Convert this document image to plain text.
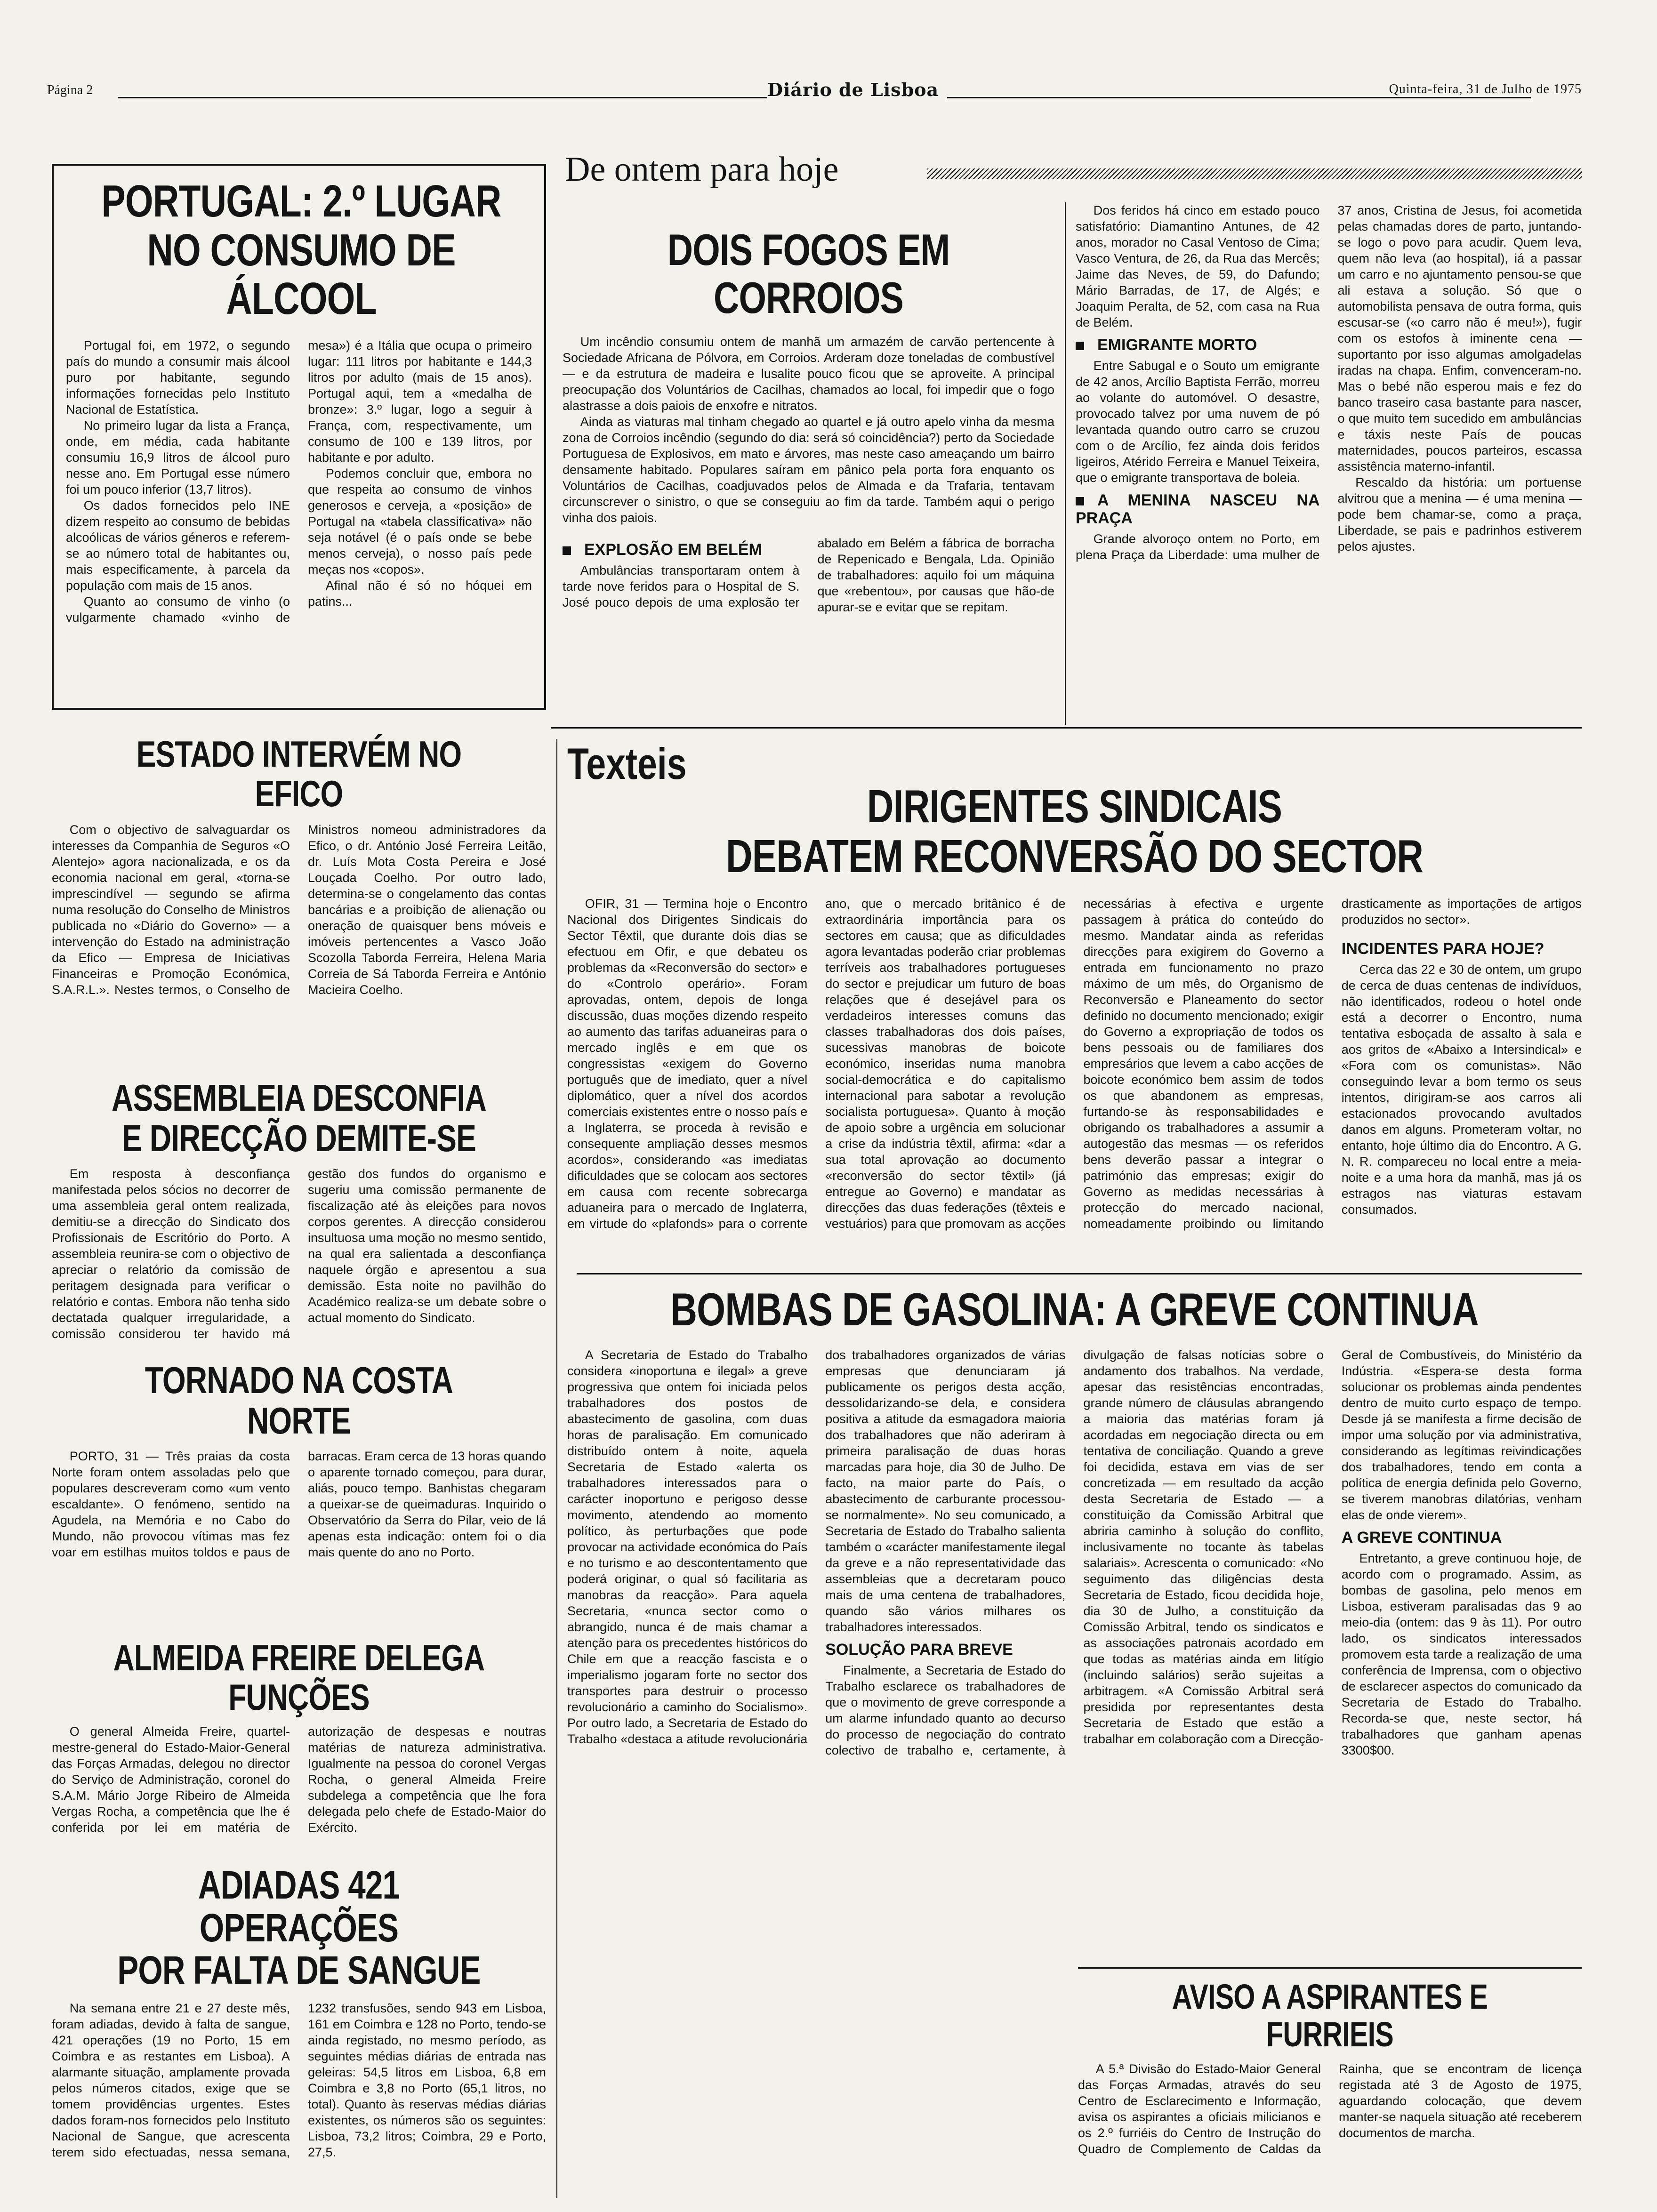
Página 2	Diário de Lisboa	Quinta-feira, 31 de Julho de 1975
De ontem para hoje
PORTUGAL: 2.º LUGAR
NO CONSUMO DE ÁLCOOL

Portugal foi, em 1972, o segundo país do mundo a consumir mais álcool puro por habitante, segundo informações fornecidas pelo Instituto Nacional de Estatística.

No primeiro lugar da lista a França, onde, em média, cada habitante consumiu 16,9 litros de álcool puro nesse ano. Em Portugal esse número foi um pouco inferior (13,7 litros).

Os dados fornecidos pelo INE dizem respeito ao consumo de bebidas alcoólicas de vários géneros e referem-se ao número total de habitantes ou, mais especificamente, à parcela da população com mais de 15 anos.

Quanto ao consumo de vinho (o vulgarmente chamado «vinho de mesa») é a Itália que ocupa o primeiro lugar: 111 litros por habitante e 144,3 litros por adulto (mais de 15 anos). Portugal aqui, tem a «medalha de bronze»: 3.º lugar, logo a seguir à França, com, respectivamente, um consumo de 100 e 139 litros, por habitante e por adulto.

Podemos concluir que, embora no que respeita ao consumo de vinhos generosos e cerveja, a «posição» de Portugal na «tabela classificativa» não seja notável (é o país onde se bebe menos cerveja), o nosso país pede meças nos «copos».

Afinal não é só no hóquei em patins...

DOIS FOGOS EM CORROIOS

Um incêndio consumiu ontem de manhã um armazém de carvão pertencente à Sociedade Africana de Pólvora, em Corroios. Arderam doze toneladas de combustível — e da estrutura de madeira e lusalite pouco ficou que se aproveite. A principal preocupação dos Voluntários de Cacilhas, chamados ao local, foi impedir que o fogo alastrasse a dois paiois de enxofre e nitratos.

Ainda as viaturas mal tinham chegado ao quartel e já outro apelo vinha da mesma zona de Corroios incêndio (segundo do dia: será só coincidência?) perto da Sociedade Portuguesa de Explosivos, em mato e árvores, mas neste caso ameaçando um bairro densamente habitado. Populares saíram em pânico pela porta fora enquanto os Voluntários de Cacilhas, coadjuvados pelos de Almada e da Trafaria, tentavam circunscrever o sinistro, o que se conseguiu ao fim da tarde. Também aqui o perigo vinha dos paiois.

EXPLOSÃO EM BELÉM

Ambulâncias transportaram ontem à tarde nove feridos para o Hospital de S. José pouco depois de uma explosão ter abalado em Belém a fábrica de borracha de Repenicado e Bengala, Lda. Opinião de trabalhadores: aquilo foi um máquina que «rebentou», por causas que hão-de apurar-se e evitar que se repitam.

Dos feridos há cinco em estado pouco satisfatório: Diamantino Antunes, de 42 anos, morador no Casal Ventoso de Cima; Vasco Ventura, de 26, da Rua das Mercês; Jaime das Neves, de 59, do Dafundo; Mário Barradas, de 17, de Algés; e Joaquim Peralta, de 52, com casa na Rua de Belém.

EMIGRANTE MORTO

Entre Sabugal e o Souto um emigrante de 42 anos, Arcílio Baptista Ferrão, morreu ao volante do automóvel. O desastre, provocado talvez por uma nuvem de pó levantada quando outro carro se cruzou com o de Arcílio, fez ainda dois feridos ligeiros, Atérido Ferreira e Manuel Teixeira, que o emigrante transportava de boleia.

A MENINA NASCEU NA PRAÇA

Grande alvoroço ontem no Porto, em plena Praça da Liberdade: uma mulher de 37 anos, Cristina de Jesus, foi acometida pelas chamadas dores de parto, juntando-se logo o povo para acudir. Quem leva, quem não leva (ao hospital), iá a passar um carro e no ajuntamento pensou-se que ali estava a solução. Só que o automobilista pensava de outra forma, quis escusar-se («o carro não é meu!»), fugir com os estofos à iminente cena — suportanto por isso algumas amolgadelas iradas na chapa. Enfim, convenceram-no. Mas o bebé não esperou mais e fez do banco traseiro casa bastante para nascer, o que muito tem sucedido em ambulâncias e táxis neste País de poucas maternidades, poucos parteiros, escassa assistência materno-infantil.

Rescaldo da história: um portuense alvitrou que a menina — é uma menina — pode bem chamar-se, como a praça, Liberdade, se pais e padrinhos estiverem pelos ajustes.

ESTADO INTERVÉM NO EFICO

Com o objectivo de salvaguardar os interesses da Companhia de Seguros «O Alentejo» agora nacionalizada, e os da economia nacional em geral, «torna-se imprescindível — segundo se afirma numa resolução do Conselho de Ministros publicada no «Diário do Governo» — a intervenção do Estado na administração da Efico — Empresa de Iniciativas Financeiras e Promoção Económica, S.A.R.L.». Nestes termos, o Conselho de Ministros nomeou administradores da Efico, o dr. António José Ferreira Leitão, dr. Luís Mota Costa Pereira e José Louçada Coelho. Por outro lado, determina-se o congelamento das contas bancárias e a proibição de alienação ou oneração de quaisquer bens móveis e imóveis pertencentes a Vasco João Scozolla Taborda Ferreira, Helena Maria Correia de Sá Taborda Ferreira e António Macieira Coelho.

ASSEMBLEIA DESCONFIA
E DIRECÇÃO DEMITE-SE

Em resposta à desconfiança manifestada pelos sócios no decorrer de uma assembleia geral ontem realizada, demitiu-se a direcção do Sindicato dos Profissionais de Escritório do Porto. A assembleia reunira-se com o objectivo de apreciar o relatório da comissão de peritagem designada para verificar o relatório e contas. Embora não tenha sido dectatada qualquer irregularidade, a comissão considerou ter havido má gestão dos fundos do organismo e sugeriu uma comissão permanente de fiscalização até às eleições para novos corpos gerentes. A direcção considerou insultuosa uma moção no mesmo sentido, na qual era salientada a desconfiança naquele órgão e apresentou a sua demissão. Esta noite no pavilhão do Académico realiza-se um debate sobre o actual momento do Sindicato.

TORNADO NA COSTA NORTE

PORTO, 31 — Três praias da costa Norte foram ontem assoladas pelo que populares descreveram como «um vento escaldante». O fenómeno, sentido na Agudela, na Memória e no Cabo do Mundo, não provocou vítimas mas fez voar em estilhas muitos toldos e paus de barracas. Eram cerca de 13 horas quando o aparente tornado começou, para durar, aliás, pouco tempo. Banhistas chegaram a queixar-se de queimaduras. Inquirido o Observatório da Serra do Pilar, veio de lá apenas esta indicação: ontem foi o dia mais quente do ano no Porto.

ALMEIDA FREIRE DELEGA FUNÇÕES

O general Almeida Freire, quartel-mestre-general do Estado-Maior-General das Forças Armadas, delegou no director do Serviço de Administração, coronel do S.A.M. Mário Jorge Ribeiro de Almeida Vergas Rocha, a competência que lhe é conferida por lei em matéria de autorização de despesas e noutras matérias de natureza administrativa. Igualmente na pessoa do coronel Vergas Rocha, o general Almeida Freire subdelega a competência que lhe fora delegada pelo chefe de Estado-Maior do Exército.

ADIADAS 421 OPERAÇÕES
POR FALTA DE SANGUE

Na semana entre 21 e 27 deste mês, foram adiadas, devido à falta de sangue, 421 operações (19 no Porto, 15 em Coimbra e as restantes em Lisboa). A alarmante situação, amplamente provada pelos números citados, exige que se tomem providências urgentes. Estes dados foram-nos fornecidos pelo Instituto Nacional de Sangue, que acrescenta terem sido efectuadas, nessa semana, 1232 transfusões, sendo 943 em Lisboa, 161 em Coimbra e 128 no Porto, tendo-se ainda registado, no mesmo período, as seguintes médias diárias de entrada nas geleiras: 54,5 litros em Lisboa, 6,8 em Coimbra e 3,8 no Porto (65,1 litros, no total). Quanto às reservas médias diárias existentes, os números são os seguintes: Lisboa, 73,2 litros; Coimbra, 29 e Porto, 27,5.

Texteis
DIRIGENTES SINDICAIS
DEBATEM RECONVERSÃO DO SECTOR

OFIR, 31 — Termina hoje o Encontro Nacional dos Dirigentes Sindicais do Sector Têxtil, que durante dois dias se efectuou em Ofir, e que debateu os problemas da «Reconversão do sector» e do «Controlo operário». Foram aprovadas, ontem, depois de longa discussão, duas moções dizendo respeito ao aumento das tarifas aduaneiras para o mercado inglês e em que os congressistas «exigem do Governo português que de imediato, quer a nível diplomático, quer a nível dos acordos comerciais existentes entre o nosso país e a Inglaterra, se proceda à revisão e consequente ampliação desses mesmos acordos», considerando «as imediatas dificuldades que se colocam aos sectores em causa com recente sobrecarga aduaneira para o mercado de Inglaterra, em virtude do «plafonds» para o corrente ano, que o mercado britânico é de extraordinária importância para os sectores em causa; que as dificuldades agora levantadas poderão criar problemas terríveis aos trabalhadores portugueses do sector e prejudicar um futuro de boas relações que é desejável para os verdadeiros interesses comuns das classes trabalhadoras dos dois países, sucessivas manobras de boicote económico, inseridas numa manobra social-democrática e do capitalismo internacional para sabotar a revolução socialista portuguesa». Quanto à moção de apoio sobre a urgência em solucionar a crise da indústria têxtil, afirma: «dar a sua total aprovação ao documento «reconversão do sector têxtil» (já entregue ao Governo) e mandatar as direcções das duas federações (têxteis e vestuários) para que promovam as acções necessárias à efectiva e urgente passagem à prática do conteúdo do mesmo. Mandatar ainda as referidas direcções para exigirem do Governo a entrada em funcionamento no prazo máximo de um mês, do Organismo de Reconversão e Planeamento do sector definido no documento mencionado; exigir do Governo a expropriação de todos os bens pessoais ou de familiares dos empresários que levem a cabo acções de boicote económico bem assim de todos os que abandonem as empresas, furtando-se às responsabilidades e obrigando os trabalhadores a assumir a autogestão das mesmas — os referidos bens deverão passar a integrar o património das empresas; exigir do Governo as medidas necessárias à protecção do mercado nacional, nomeadamente proibindo ou limitando drasticamente as importações de artigos produzidos no sector».

INCIDENTES PARA HOJE?

Cerca das 22 e 30 de ontem, um grupo de cerca de duas centenas de indivíduos, não identificados, rodeou o hotel onde está a decorrer o Encontro, numa tentativa esboçada de assalto à sala e aos gritos de «Abaixo a Intersindical» e «Fora com os comunistas». Não conseguindo levar a bom termo os seus intentos, dirigiram-se aos carros ali estacionados provocando avultados danos em alguns. Prometeram voltar, no entanto, hoje último dia do Encontro. A G. N. R. compareceu no local entre a meia-noite e a uma hora da manhã, mas já os estragos nas viaturas estavam consumados.

BOMBAS DE GASOLINA: A GREVE CONTINUA

A Secretaria de Estado do Trabalho considera «inoportuna e ilegal» a greve progressiva que ontem foi iniciada pelos trabalhadores dos postos de abastecimento de gasolina, com duas horas de paralisação. Em comunicado distribuído ontem à noite, aquela Secretaria de Estado «alerta os trabalhadores interessados para o carácter inoportuno e perigoso desse movimento, atendendo ao momento político, às perturbações que pode provocar na actividade económica do País e no turismo e ao descontentamento que poderá originar, o qual só facilitaria as manobras da reacção». Para aquela Secretaria, «nunca sector como o abrangido, nunca é de mais chamar a atenção para os precedentes históricos do Chile em que a reacção fascista e o imperialismo jogaram forte no sector dos transportes para destruir o processo revolucionário a caminho do Socialismo». Por outro lado, a Secretaria de Estado do Trabalho «destaca a atitude revolucionária dos trabalhadores organizados de várias empresas que denunciaram já publicamente os perigos desta acção, dessolidarizando-se dela, e considera positiva a atitude da esmagadora maioria dos trabalhadores que não aderiram à primeira paralisação de duas horas marcadas para hoje, dia 30 de Julho. De facto, na maior parte do País, o abastecimento de carburante processou-se normalmente». No seu comunicado, a Secretaria de Estado do Trabalho salienta também o «carácter manifestamente ilegal da greve e a não representatividade das assembleias que a decretaram pouco mais de uma centena de trabalhadores, quando são vários milhares os trabalhadores interessados.

SOLUÇÃO PARA BREVE

Finalmente, a Secretaria de Estado do Trabalho esclarece os trabalhadores de que o movimento de greve corresponde a um alarme infundado quanto ao decurso do processo de negociação do contrato colectivo de trabalho e, certamente, à divulgação de falsas notícias sobre o andamento dos trabalhos. Na verdade, apesar das resistências encontradas, grande número de cláusulas abrangendo a maioria das matérias foram já acordadas em negociação directa ou em tentativa de conciliação. Quando a greve foi decidida, estava em vias de ser concretizada — em resultado da acção desta Secretaria de Estado — a constituição da Comissão Arbitral que abriria caminho à solução do conflito, inclusivamente no tocante às tabelas salariais». Acrescenta o comunicado: «No seguimento das diligências desta Secretaria de Estado, ficou decidida hoje, dia 30 de Julho, a constituição da Comissão Arbitral, tendo os sindicatos e as associações patronais acordado em que todas as matérias ainda em litígio (incluindo salários) serão sujeitas a arbitragem. «A Comissão Arbitral será presidida por representantes desta Secretaria de Estado que estão a trabalhar em colaboração com a Direcção-Geral de Combustíveis, do Ministério da Indústria. «Espera-se desta forma solucionar os problemas ainda pendentes dentro de muito curto espaço de tempo. Desde já se manifesta a firme decisão de impor uma solução por via administrativa, considerando as legítimas reivindicações dos trabalhadores, tendo em conta a política de energia definida pelo Governo, se tiverem manobras dilatórias, venham elas de onde vierem».

A GREVE CONTINUA

Entretanto, a greve continuou hoje, de acordo com o programado. Assim, as bombas de gasolina, pelo menos em Lisboa, estiveram paralisadas das 9 ao meio-dia (ontem: das 9 às 11). Por outro lado, os sindicatos interessados promovem esta tarde a realização de uma conferência de Imprensa, com o objectivo de esclarecer aspectos do comunicado da Secretaria de Estado do Trabalho. Recorda-se que, neste sector, há trabalhadores que ganham apenas 3300$00.

AVISO A ASPIRANTES E FURRIEIS

A 5.ª Divisão do Estado-Maior General das Forças Armadas, através do seu Centro de Esclarecimento e Informação, avisa os aspirantes a oficiais milicianos e os 2.º furriéis do Centro de Instrução do Quadro de Complemento de Caldas da Rainha, que se encontram de licença registada até 3 de Agosto de 1975, aguardando colocação, que devem manter-se naquela situação até receberem documentos de marcha.
